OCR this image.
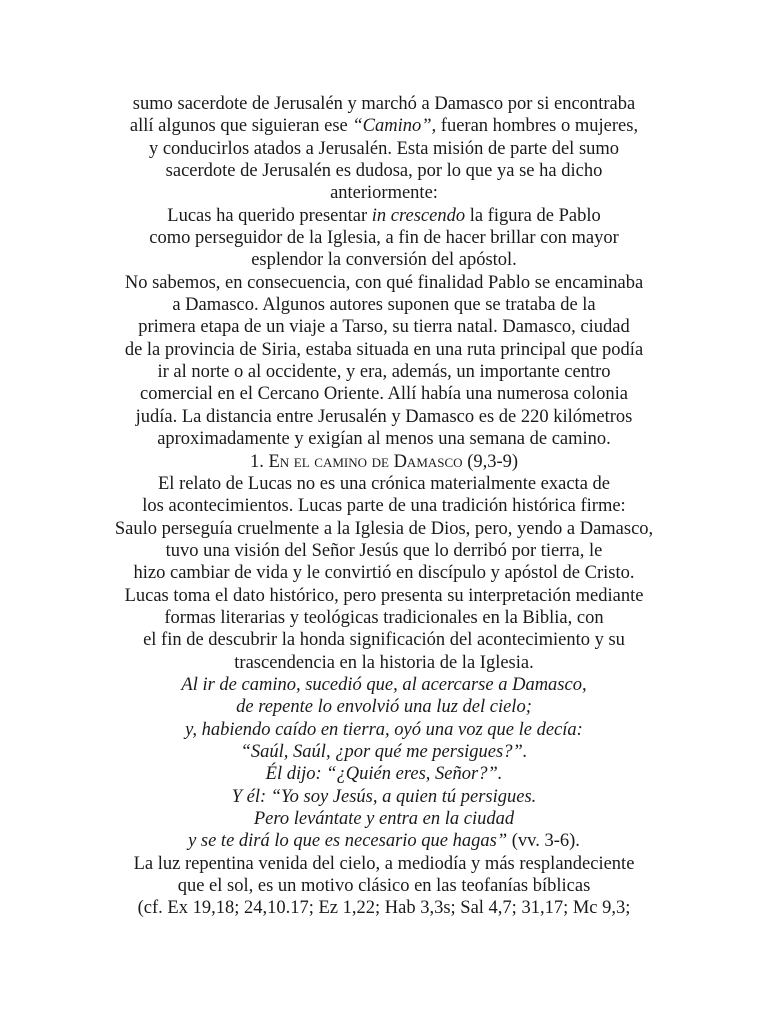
sumo sacerdote de Jerusalén y marchó a Damasco por si encontraba
allí algunos que siguieran ese “Camino”, fueran hombres o mujeres,
y conducirlos atados a Jerusalén. Esta misión de parte del sumo
sacerdote de Jerusalén es dudosa, por lo que ya se ha dicho
anteriormente:
Lucas ha querido presentar in crescendo la figura de Pablo
como perseguidor de la Iglesia, a fin de hacer brillar con mayor
esplendor la conversión del apóstol.
No sabemos, en consecuencia, con qué finalidad Pablo se encaminaba
a Damasco. Algunos autores suponen que se trataba de la
primera etapa de un viaje a Tarso, su tierra natal. Damasco, ciudad
de la provincia de Siria, estaba situada en una ruta principal que podía
ir al norte o al occidente, y era, además, un importante centro
comercial en el Cercano Oriente. Allí había una numerosa colonia
judía. La distancia entre Jerusalén y Damasco es de 220 kilómetros
aproximadamente y exigían al menos una semana de camino.
1. En el camino de Damasco (9,3-9)
El relato de Lucas no es una crónica materialmente exacta de
los acontecimientos. Lucas parte de una tradición histórica firme:
Saulo perseguía cruelmente a la Iglesia de Dios, pero, yendo a Damasco,
tuvo una visión del Señor Jesús que lo derribó por tierra, le
hizo cambiar de vida y le convirtió en discípulo y apóstol de Cristo.
Lucas toma el dato histórico, pero presenta su interpretación mediante
formas literarias y teológicas tradicionales en la Biblia, con
el fin de descubrir la honda significación del acontecimiento y su
trascendencia en la historia de la Iglesia.
Al ir de camino, sucedió que, al acercarse a Damasco,
de repente lo envolvió una luz del cielo;
y, habiendo caído en tierra, oyó una voz que le decía:
“Saúl, Saúl, ¿por qué me persigues?”.
Él dijo: “¿Quién eres, Señor?”.
Y él: “Yo soy Jesús, a quien tú persigues.
Pero levántate y entra en la ciudad
y se te dirá lo que es necesario que hagas” (vv. 3-6).
La luz repentina venida del cielo, a mediodía y más resplandeciente
que el sol, es un motivo clásico en las teofanías bíblicas
(cf. Ex 19,18; 24,10.17; Ez 1,22; Hab 3,3s; Sal 4,7; 31,17; Mc 9,3;
